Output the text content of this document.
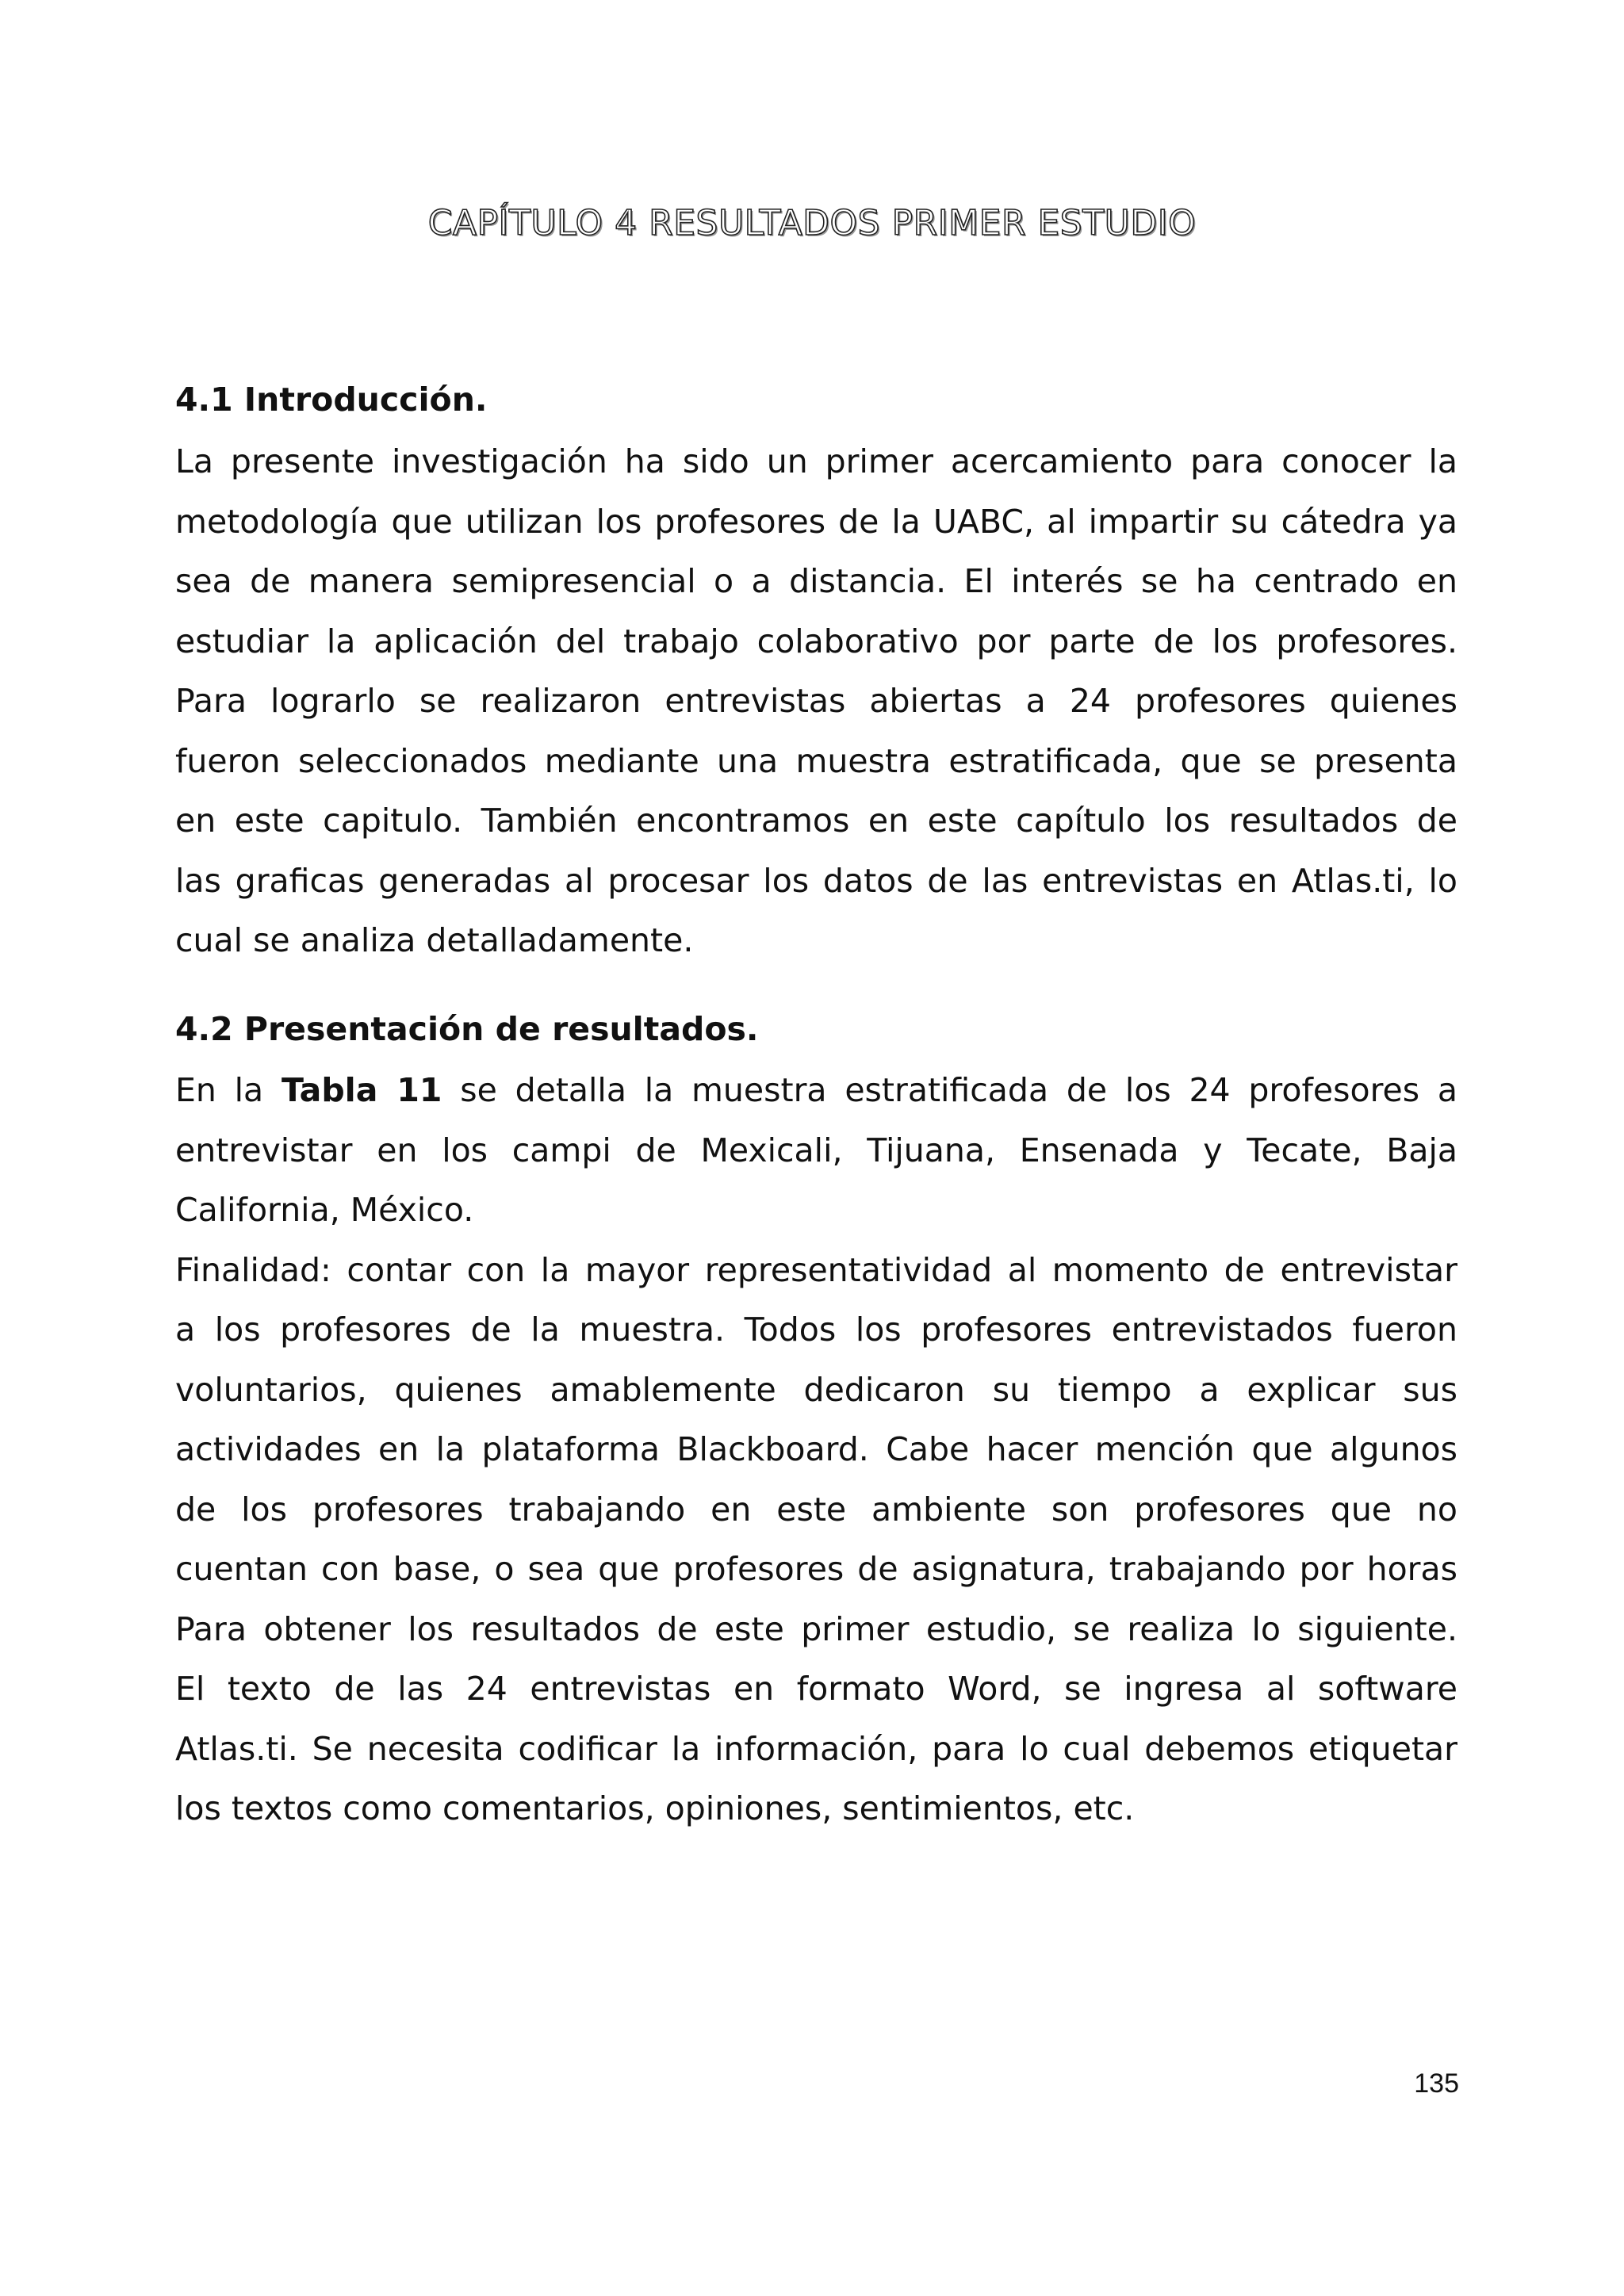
CAPÍTULO 4 RESULTADOS PRIMER ESTUDIO
4.1 Introducción.

La presente investigación ha sido un primer acercamiento para conocer la

metodología que utilizan los profesores de la UABC, al impartir su cátedra ya

sea de manera semipresencial o a distancia. El interés se ha centrado en

estudiar la aplicación del trabajo colaborativo por parte de los profesores.

Para lograrlo se realizaron entrevistas abiertas a 24 profesores quienes

fueron seleccionados mediante una muestra estratificada, que se presenta

en este capitulo. También encontramos en este capítulo los resultados de

las graficas generadas al procesar los datos de las entrevistas en Atlas.ti, lo

cual se analiza detalladamente.

4.2 Presentación de resultados.

En la Tabla 11 se detalla la muestra estratificada de los 24 profesores a

entrevistar en los campi de Mexicali, Tijuana, Ensenada y Tecate, Baja

California, México.

Finalidad: contar con la mayor representatividad al momento de entrevistar

a los profesores de la muestra. Todos los profesores entrevistados fueron

voluntarios, quienes amablemente dedicaron su tiempo a explicar sus

actividades en la plataforma Blackboard. Cabe hacer mención que algunos

de los profesores trabajando en este ambiente son profesores que no

cuentan con base, o sea que profesores de asignatura, trabajando por horas

Para obtener los resultados de este primer estudio, se realiza lo siguiente.

El texto de las 24 entrevistas en formato Word, se ingresa al software

Atlas.ti. Se necesita codificar la información, para lo cual debemos etiquetar

los textos como comentarios, opiniones, sentimientos, etc.

135
